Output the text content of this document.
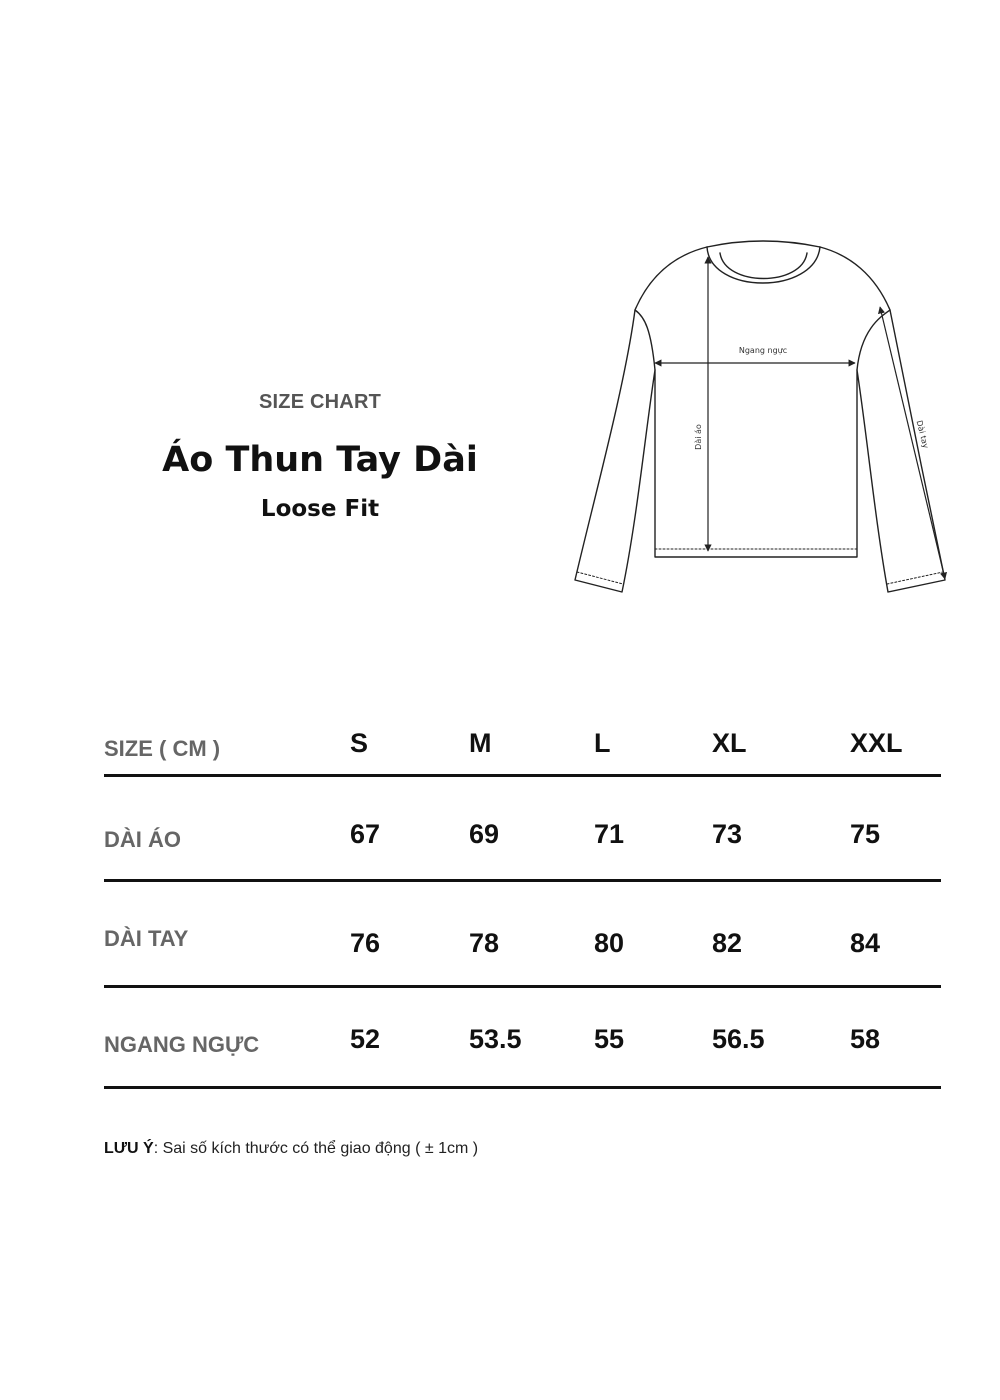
SIZE CHART
Áo Thun Tay Dài
Loose Fit
Ngang ngực
Dài áo	Dài tay
SIZE ( CM )	S	M	L	XL	XXL
DÀI ÁO	67	69	71	73	75
DÀI TAY	76	78	80	82	84
NGANG NGỰC	52	53.5	55	56.5	58
LƯU Ý: Sai số kích thước có thể giao động ( ± 1cm )
